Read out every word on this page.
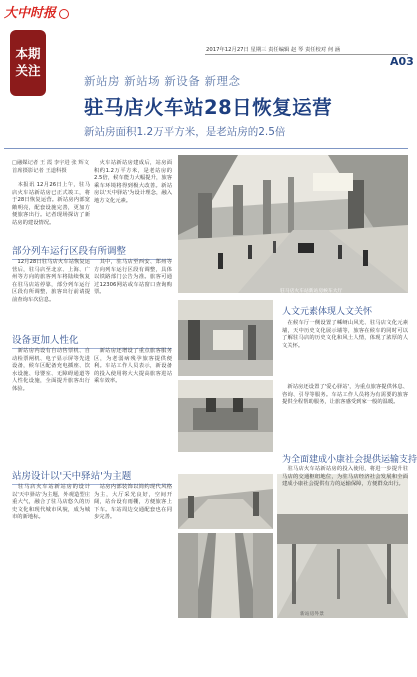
大中时报
2017年12月27日 星期三 责任编辑 赵 琴 责任校对 何 涵
A03
本期
关注
新站房 新站场 新设备 新理念
驻马店火车站28日恢复运营
新站房面积1.2万平方米，是老站房的2.5倍
□融媒记者 王 霞 李宇进 张 辉文
首席摄影记者 王道科摄
　本报讯 12月26日上午，驻马店火车站新站房已正式竣工，将于28日恢复运营。新站房内部宽敞明亮，配套设施完善，更加方便旅客出行。记者现场探访了新站房的建设情况。
　火车站新站房建成后，站房面积约1.2万平方米，是老站房的2.5倍，候车能力大幅提升，旅客乘车环境将得到极大改善。新站房以'天中驿站'为设计理念，融入地方文化元素。
部分列车运行区段有所调整
　12月28日驻马店火车站恢复运营后，驻马店至北京、上海、广州等方向的旅客列车将陆续恢复在驻马店站停靠，部分列车运行区段有所调整，旅客出行前请提前查询车次信息。
　其中，驻马店至西安、郑州等方向列车运行区段有调整，具体以铁路部门公告为准。旅客可通过12306网站或车站窗口查询购票。	驻马店火车站新站房候车大厅
设备更加人性化
　新站房内设有自动售票机、自动检票闸机、电子显示屏等先进设备，候车区配备充电插座、饮水设施、母婴室、无障碍通道等人性化设施，全面提升旅客出行体验。
　新站房还增设了重点旅客服务区，为老弱病残孕旅客提供便利。车站工作人员表示，新设备的投入使用将大大提高旅客进站乘车效率。
站房设计以'天中驿站'为主题
　驻马店火车站新站房的设计以'天中驿站'为主题，外观造型庄重大气，融合了驻马店悠久的历史文化和现代城市风貌，成为城市的新地标。
　站房内部装饰以简约现代风格为主，大厅采光良好，空间开阔，站台设有雨棚，方便旅客上下车。车站周边交通配套也在同步完善。
新站房外景
人文元素体现人文关怀
　在候车厅一侧设置了嵊岈山风光、驻马店文化元素墙，天中历史文化展示墙等，旅客在候车的同时可以了解驻马店的历史文化和风土人情，体现了浓厚的人文关怀。
　新站房还设置了'爱心驿站'，为重点旅客提供休息、咨询、引导等服务。车站工作人员将为有需要的旅客提供全程帮助服务，让旅客感受到家一般的温暖。
为全面建成小康社会提供运输支持
　驻马店火车站新站房的投入使用，将进一步提升驻马店的交通枢纽地位，为驻马店经济社会发展和全面建成小康社会提供有力的运输保障，方便群众出行。
